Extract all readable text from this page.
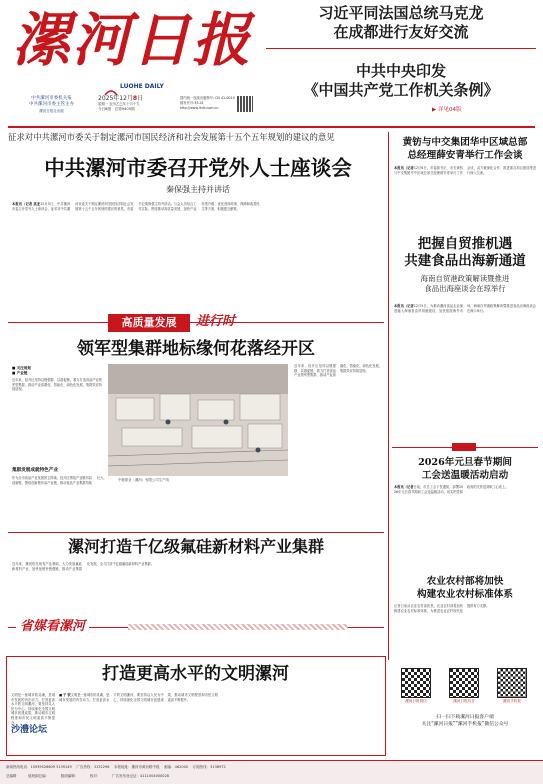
漯河日报
LUOHE DAILY
中共漯河市委机关报
中共漯河市委主管主办
漯河日报社出版
2025年12月8日
星期一 农历乙巳年十月十九
今日8版　 总第9405期
国内统一连续出版物号: CN 41-0014
邮发代号:35-41
http://www.lhrb.com.cn
习近平同法国总统马克龙
在成都进行友好交流
中共中央印发
《中国共产党工作机关条例》
▶ 详见04版
征求对中共漯河市委关于制定漯河市国民经济和社会发展第十五个五年规划的建议的意见
中共漯河市委召开党外人士座谈会
秦保强主持并讲话
本报讯（记者 高亚12月5日，中共漯河市委召开党外人士座谈会，征求对中共漯河市委关于制定漯河市国民经济和社会发展第十五个五年规划的建议的意见。市委书记秦保强主持并讲话。与会人员结合工作实际，围绕推动高质量发展、加快产业转型升级、优化营商环境、保障和改善民生等方面，积极建言献策。
黄钫与中交集团华中区域总部
总经理薛安青举行工作会谈
本报讯（记者12月6日，市委副书记、市长黄钫与中交集团华中区域总部总经理薛安青举行工作会谈，双方就深化合作、推进重点项目建设等进行深入交流。
把握自贸推机遇
共建食品出海新通道
海南自贸港政策解读暨推进
食品出海座谈会在琼举行
本报讯（记者12月5日，为推动漯河食品企业深度融入海南自由贸易港建设，加快拓展海外市场，海南自贸港政策解读暨推进食品出海座谈会在海口举行。
2026年元旦春节期间
工会送温暖活动启动
本报讯（记者日前，市总工会下发通知，部署2026年元旦春节期间工会送温暖活动，切实把党和政府的关怀送到职工心坎上。
农业农村部将加快
构建农业农村标准体系
记者日前从农业农村部获悉，农业农村部将加快构建农业农村标准体系，为推进农业农村现代化提供有力支撑。
高质量发展	进行时
领军型集群地标缘何花落经开区
■ 关注规划
■ 产业链
近年来，经开区坚持以链强群、以群促链，着力打造食品产业领军型集群，推动产业高端化、智能化、绿色化发展，集群效应持续显现。
集群发展成就特色产业
作为全市食品产业发展的主阵地，经开区围绕产业链布局创新链，围绕创新链布局产业链，推动食品产业集群持续壮大。	中粮面业（漯河）有限公司生产线
近年来，经开区坚持以链强群、以群促链，着力打造食品产业领军型集群，推动产业高端化、智能化、绿色化发展，集群效应持续显现。
漯河打造千亿级氟硅新材料产业集群
近年来，漯河依托现有产业基础，大力发展氟硅新材料产业，加快延链补链强链，推动产业集群化发展，全力打造千亿级氟硅新材料产业集群。
省媒看漯河
打造更高水平的文明漯河
沙澧论坛
■ 于 钦文明是一座城市的灵魂，是城市发展的内在动力。打造更高水平的文明漯河，要坚持以人民为中心，持续深化全国文明城市创建成果，推动城市文明程度和市民文明素质不断提升。
文明是一座城市的灵魂，是城市发展的内在动力。打造更高水平的文明漯河，要坚持以人民为中心，持续深化全国文明城市创建成果，推动城市文明程度和市民文明素质不断提升。
漯河日报微信	漯河日报抖音	漯河手机报
扫一扫下载漯河日报客户端
关注“漯河日报”“漯河手机报”微信公众号
新闻热线电话：15939526609 3139149　 广告热线：3132296　 本报地址：漯河市黄河路中段　 邮编：462000　 订阅热线：3138972
总编辑　　　	值班副总编：　　　	版面编辑：　　　	校对：　　　	广告发布登记证：4111004000028
